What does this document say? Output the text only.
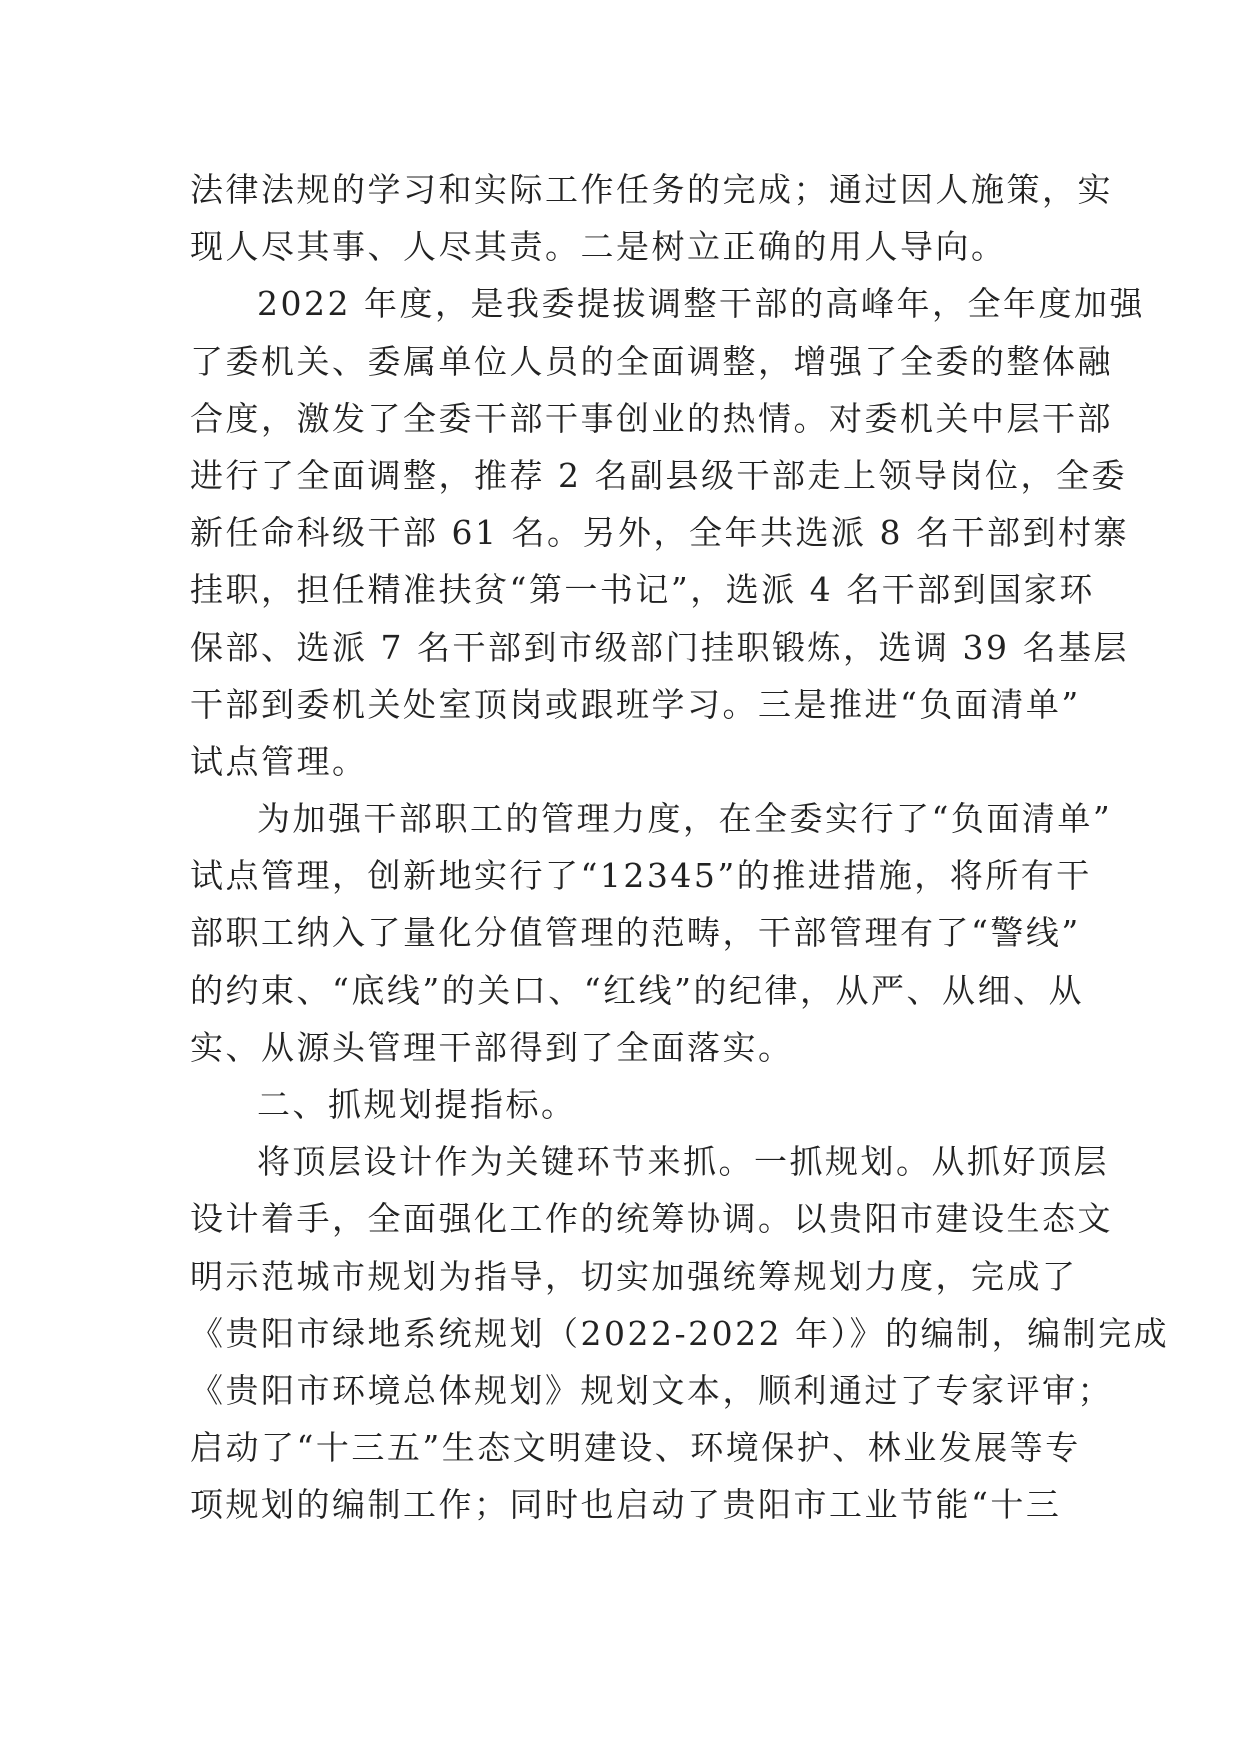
法律法规的学习和实际工作任务的完成；通过因人施策，实
现人尽其事、人尽其责。二是树立正确的用人导向。
2022 年度，是我委提拔调整干部的高峰年，全年度加强
了委机关、委属单位人员的全面调整，增强了全委的整体融
合度，激发了全委干部干事创业的热情。对委机关中层干部
进行了全面调整，推荐 2 名副县级干部走上领导岗位，全委
新任命科级干部 61 名。另外，全年共选派 8 名干部到村寨
挂职，担任精准扶贫“第一书记”，选派 4 名干部到国家环
保部、选派 7 名干部到市级部门挂职锻炼，选调 39 名基层
干部到委机关处室顶岗或跟班学习。三是推进“负面清单”
试点管理。
为加强干部职工的管理力度，在全委实行了“负面清单”
试点管理，创新地实行了“12345”的推进措施，将所有干
部职工纳入了量化分值管理的范畴，干部管理有了“警线”
的约束、“底线”的关口、“红线”的纪律，从严、从细、从
实、从源头管理干部得到了全面落实。
二、抓规划提指标。
将顶层设计作为关键环节来抓。一抓规划。从抓好顶层
设计着手，全面强化工作的统筹协调。以贵阳市建设生态文
明示范城市规划为指导，切实加强统筹规划力度，完成了
《贵阳市绿地系统规划（2022-2022 年）》的编制，编制完成
《贵阳市环境总体规划》规划文本，顺利通过了专家评审；
启动了“十三五”生态文明建设、环境保护、林业发展等专
项规划的编制工作；同时也启动了贵阳市工业节能“十三
